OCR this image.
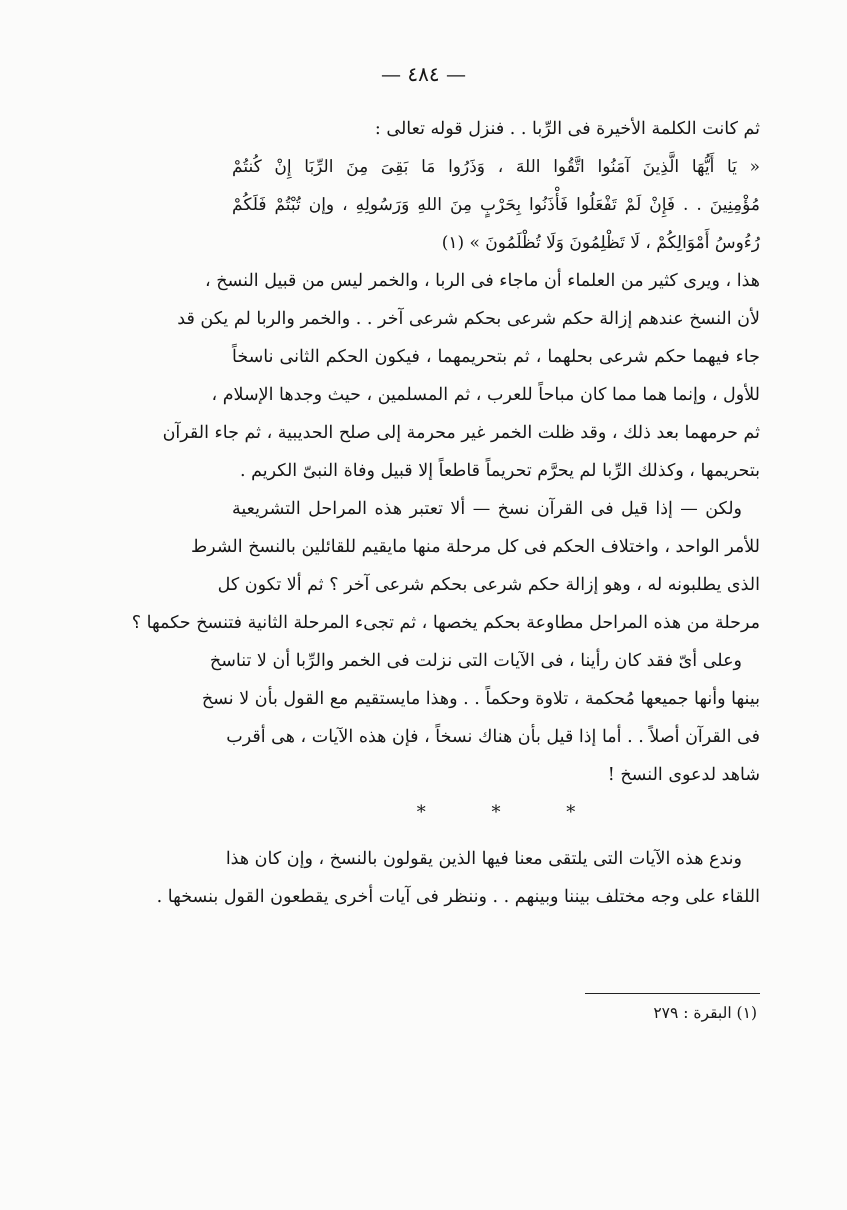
— ٤٨٤ —
ثم كانت الكلمة الأخيرة فى الرِّبا . . فنزل قوله تعالى :
« يَا أَيُّهَا الَّذِينَ آمَنُوا اتَّقُوا اللهَ ، وَذَرُوا مَا بَقِىَ مِنَ الرِّبَا إِنْ كُنتُمْ
مُؤْمِنِينَ . . فَإِنْ لَمْ تَفْعَلُوا فَأْذَنُوا بِحَرْبٍ مِنَ اللهِ وَرَسُولِهِ ، وإن تُبْتُمْ فَلَكُمْ
رُءُوسُ أَمْوَالِكُمْ ، لَا تَظْلِمُونَ وَلَا تُظْلَمُونَ » (١)
هذا ، ويرى كثير من العلماء أن ماجاء فى الربا ، والخمر ليس من قبيل النسخ ،
لأن النسخ عندهم إزالة حكم شرعى بحكم شرعى آخر . . والخمر والربا لم يكن قد
جاء فيهما حكم شرعى بحلهما ، ثم بتحريمهما ، فيكون الحكم الثانى ناسخاً
للأول ، وإنما هما مما كان مباحاً للعرب ، ثم المسلمين ، حيث وجدها الإسلام ،
ثم حرمهما بعد ذلك ، وقد ظلت الخمر غير محرمة إلى صلح الحديبية ، ثم جاء القرآن
بتحريمها ، وكذلك الرِّبا لم يحرَّم تحريماً قاطعاً إلا قبيل وفاة النبىّ الكريم .
ولكن — إذا قيل فى القرآن نسخ — ألا تعتبر هذه المراحل التشريعية
للأمر الواحد ، واختلاف الحكم فى كل مرحلة منها مايقيم للقائلين بالنسخ الشرط
الذى يطلبونه له ، وهو إزالة حكم شرعى بحكم شرعى آخر ؟ ثم ألا تكون كل
مرحلة من هذه المراحل مطاوعة بحكم يخصها ، ثم تجىء المرحلة الثانية فتنسخ حكمها ؟
وعلى أىّ فقد كان رأينا ، فى الآيات التى نزلت فى الخمر والرِّبا أن لا تناسخ
بينها وأنها جميعها مُحكمة ، تلاوة وحكماً . . وهذا مايستقيم مع القول بأن لا نسخ
فى القرآن أصلاً . . أما إذا قيل بأن هناك نسخاً ، فإن هذه الآيات ، هى أقرب
شاهد لدعوى النسخ !
* * *
وندع هذه الآيات التى يلتقى معنا فيها الذين يقولون بالنسخ ، وإن كان هذا
اللقاء على وجه مختلف بيننا وبينهم . . وننظر فى آيات أخرى يقطعون القول بنسخها .
(١) البقرة : ٢٧٩
